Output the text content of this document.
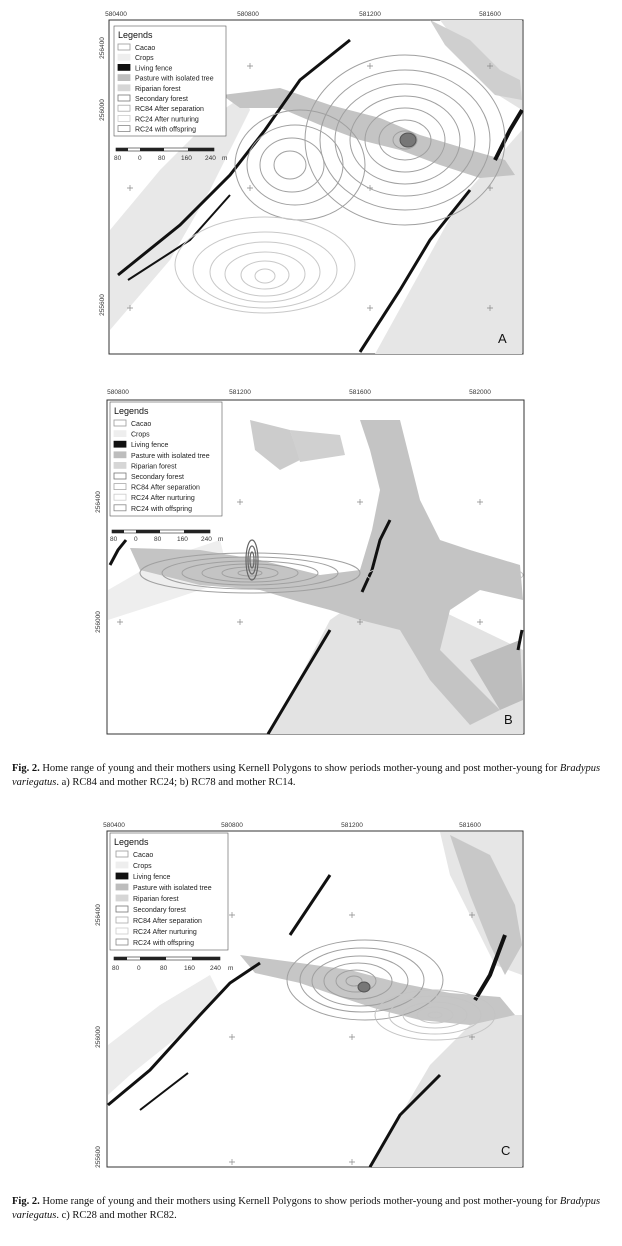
580400	580800	581200	581600
256400
256000
255600
Legends
Cacao
Crops
Living fence
Pasture with isolated tree
Riparian forest
Secondary forest
RC84 After separation
RC24 After nurturing
RC24 with offspring
80	0	80 160 240 m
A
580800	581200	581600	582000
256400
256000
Legends
Cacao
Crops
Living fence
Pasture with isolated tree
Riparian forest
Secondary forest
RC84 After separation
RC24 After nurturing
RC24 with offspring
80	0	80 160 240 m
B
Fig. 2. Home range of young and their mothers using Kernell Polygons to show periods mother-young and post mother-young for Bradypus variegatus. a) RC84 and mother RC24; b) RC78 and mother RC14.
580400	580800	581200	581600
256400
256000
255600
Legends
Cacao
Crops
Living fence
Pasture with isolated tree
Riparian forest
Secondary forest
RC84 After separation
RC24 After nurturing
RC24 with offspring
80	0	80	160 240 m
C
Fig. 2. Home range of young and their mothers using Kernell Polygons to show periods mother-young and post mother-young for Bradypus variegatus. c) RC28 and mother RC82.
